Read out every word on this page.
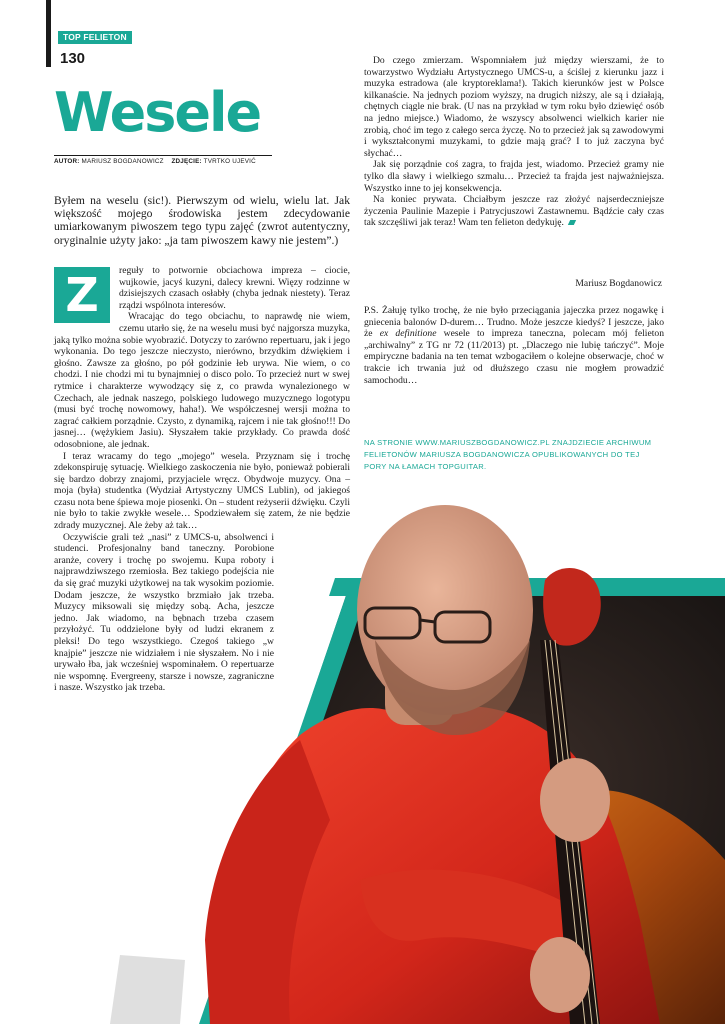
TOP FELIETON
130
Wesele
AUTOR: MARIUSZ BOGDANOWICZ ZDJĘCIE: TVRTKO UJEVIĆ

Byłem na weselu (sic!). Pierwszym od wielu, wielu lat. Jak większość mojego środowiska jestem zdecydowanie umiarkowanym piwoszem tego typu zajęć (zwrot autentyczny, oryginalnie użyty jako: „ja tam piwoszem kawy nie jestem”.)

Z	reguły to potwornie obciachowa impreza – ciocie, wujkowie, jacyś kuzyni, dalecy krewni. Więzy rodzinne w dzisiejszych czasach osłabły (chyba jednak niestety). Teraz rządzi wspólnota interesów.

Wracając do tego obciachu, to naprawdę nie wiem, czemu utarło się, że na weselu musi być najgorsza muzyka, jaką tylko można sobie wyobrazić. Dotyczy to zarówno repertuaru, jak i jego wykonania. Do tego jeszcze nieczysto, nierówno, brzydkim dźwiękiem i głośno. Zawsze za głośno, po pół godzinie łeb urywa. Nie wiem, o co chodzi. I nie chodzi mi tu bynajmniej o disco polo. To przecież nurt w swej rytmice i charakterze wywodzący się z, co prawda wynalezionego w Czechach, ale jednak naszego, polskiego ludowego muzycznego logotypu (musi być trochę nowomowy, haha!). We współczesnej wersji można to zagrać całkiem porządnie. Czysto, z dynamiką, rajcem i nie tak głośno!!! Do jasnej… (wężykiem Jasiu). Słyszałem takie przykłady. Co prawda dość odosobnione, ale jednak.

I teraz wracamy do tego „mojego” wesela. Przyznam się i trochę zdekonspiruję sytuację. Wielkiego zaskoczenia nie było, ponieważ pobierali się bardzo dobrzy znajomi, przyjaciele wręcz. Obydwoje muzycy. Ona – moja (była) studentka (Wydział Artystyczny UMCS Lublin), od jakiegoś czasu nota bene śpiewa moje piosenki. On – student reżyserii dźwięku. Czyli nie było to takie zwykłe wesele… Spodziewałem się zatem, że nie będzie zdrady muzycznej. Ale żeby aż tak…

Oczywiście grali też „nasi” z UMCS-u, absolwenci i studenci. Profesjonalny band taneczny. Porobione aranże, covery i trochę po swojemu. Kupa roboty i najprawdziwszego rzemiosła. Bez takiego podejścia nie da się grać muzyki użytkowej na tak wysokim poziomie. Dodam jeszcze, że wszystko brzmiało jak trzeba. Muzycy miksowali się między sobą. Acha, jeszcze jedno. Jak wiadomo, na bębnach trzeba czasem przyłożyć. Tu oddzielone były od ludzi ekranem z pleksi! Do tego wszystkiego. Czegoś takiego „w knajpie” jeszcze nie widziałem i nie słyszałem. No i nie urywało łba, jak wcześniej wspominałem. O repertuarze nie wspomnę. Evergreeny, starsze i nowsze, zagraniczne i nasze. Wszystko jak trzeba.

Do czego zmierzam. Wspomniałem już między wierszami, że to towarzystwo Wydziału Artystycznego UMCS-u, a ściślej z kierunku jazz i muzyka estradowa (ale kryptoreklama!). Takich kierunków jest w Polsce kilkanaście. Na jednych poziom wyższy, na drugich niższy, ale są i działają, chętnych ciągle nie brak. (U nas na przykład w tym roku było dziewięć osób na jedno miejsce.) Wiadomo, że wszyscy absolwenci wielkich karier nie zrobią, choć im tego z całego serca życzę. No to przecież jak są zawodowymi i wykształconymi muzykami, to gdzie mają grać? I to już zaczyna być słychać…

Jak się porządnie coś zagra, to frajda jest, wiadomo. Przecież gramy nie tylko dla sławy i wielkiego szmalu… Przecież ta frajda jest najważniejsza. Wszystko inne to jej konsekwencja.

Na koniec prywata. Chciałbym jeszcze raz złożyć najserdeczniejsze życzenia Paulinie Mazepie i Patrycjuszowi Zastawnemu. Bądźcie cały czas tak szczęśliwi jak teraz! Wam ten felieton dedykuję.

Mariusz Bogdanowicz

P.S. Żałuję tylko trochę, że nie było przeciągania jajeczka przez nogawkę i gniecenia balonów D-durem… Trudno. Może jeszcze kiedyś? I jeszcze, jako że ex definitione wesele to impreza taneczna, polecam mój felieton „archiwalny” z TG nr 72 (11/2013) pt. „Dlaczego nie lubię tańczyć”. Moje empiryczne badania na ten temat wzbogaciłem o kolejne obserwacje, choć w trakcie ich trwania już od dłuższego czasu nie mogłem prowadzić samochodu…

NA STRONIE WWW.MARIUSZBOGDANOWICZ.PL ZNAJDZIECIE ARCHIWUM FELIETONÓW MARIUSZA BOGDANOWICZA OPUBLIKOWANYCH DO TEJ PORY NA ŁAMACH TOPGUITAR.
